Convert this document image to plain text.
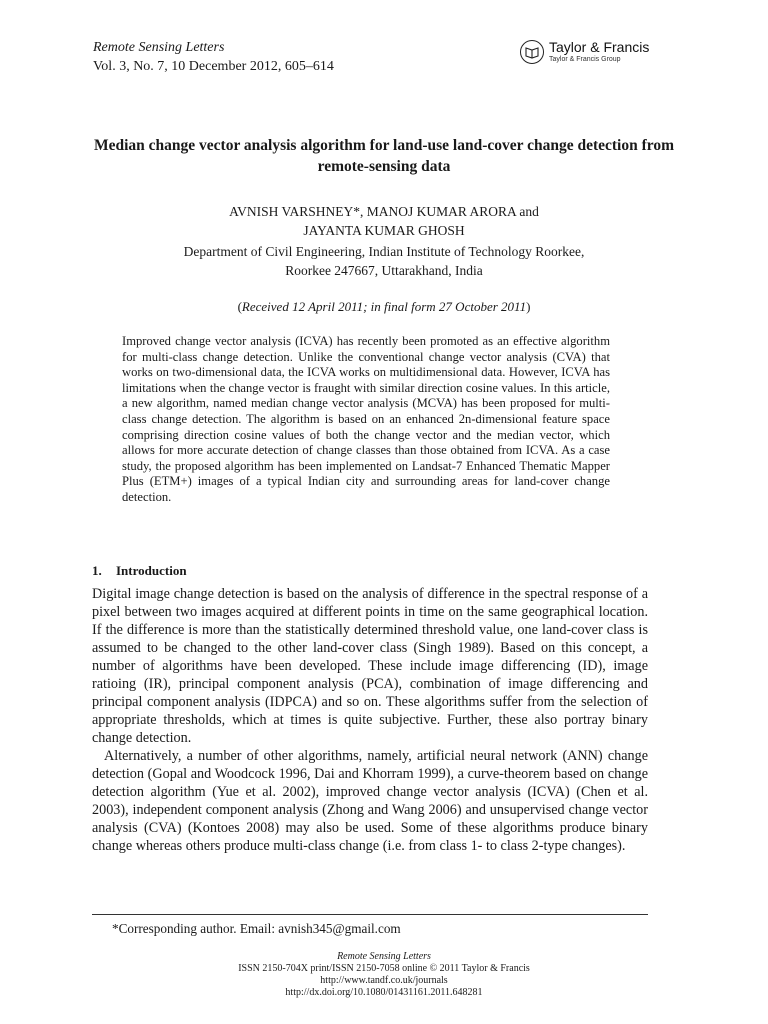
Remote Sensing Letters
Vol. 3, No. 7, 10 December 2012, 605–614
Taylor & Francis
Taylor & Francis Group
Median change vector analysis algorithm for land-use land-cover change detection from remote-sensing data
AVNISH VARSHNEY*, MANOJ KUMAR ARORA and
JAYANTA KUMAR GHOSH
Department of Civil Engineering, Indian Institute of Technology Roorkee,
Roorkee 247667, Uttarakhand, India
(Received 12 April 2011; in final form 27 October 2011)

Improved change vector analysis (ICVA) has recently been promoted as an effective algorithm for multi-class change detection. Unlike the conventional change vector analysis (CVA) that works on two-dimensional data, the ICVA works on multidimensional data. However, ICVA has limitations when the change vector is fraught with similar direction cosine values. In this article, a new algorithm, named median change vector analysis (MCVA) has been proposed for multi-class change detection. The algorithm is based on an enhanced 2n-dimensional feature space comprising direction cosine values of both the change vector and the median vector, which allows for more accurate detection of change classes than those obtained from ICVA. As a case study, the proposed algorithm has been implemented on Landsat-7 Enhanced Thematic Mapper Plus (ETM+) images of a typical Indian city and surrounding areas for land-cover change detection.

1. Introduction

Digital image change detection is based on the analysis of difference in the spectral response of a pixel between two images acquired at different points in time on the same geographical location. If the difference is more than the statistically determined threshold value, one land-cover class is assumed to be changed to the other land-cover class (Singh 1989). Based on this concept, a number of algorithms have been developed. These include image differencing (ID), image ratioing (IR), principal component analysis (PCA), combination of image differencing and principal component analysis (IDPCA) and so on. These algorithms suffer from the selection of appropriate thresholds, which at times is quite subjective. Further, these also portray binary change detection.

Alternatively, a number of other algorithms, namely, artificial neural network (ANN) change detection (Gopal and Woodcock 1996, Dai and Khorram 1999), a curve-theorem based on change detection algorithm (Yue et al. 2002), improved change vector analysis (ICVA) (Chen et al. 2003), independent component analysis (Zhong and Wang 2006) and unsupervised change vector analysis (CVA) (Kontoes 2008) may also be used. Some of these algorithms produce binary change whereas others produce multi-class change (i.e. from class 1- to class 2-type changes).

*Corresponding author. Email: avnish345@gmail.com
Remote Sensing Letters
ISSN 2150-704X print/ISSN 2150-7058 online © 2011 Taylor & Francis
http://www.tandf.co.uk/journals
http://dx.doi.org/10.1080/01431161.2011.648281
